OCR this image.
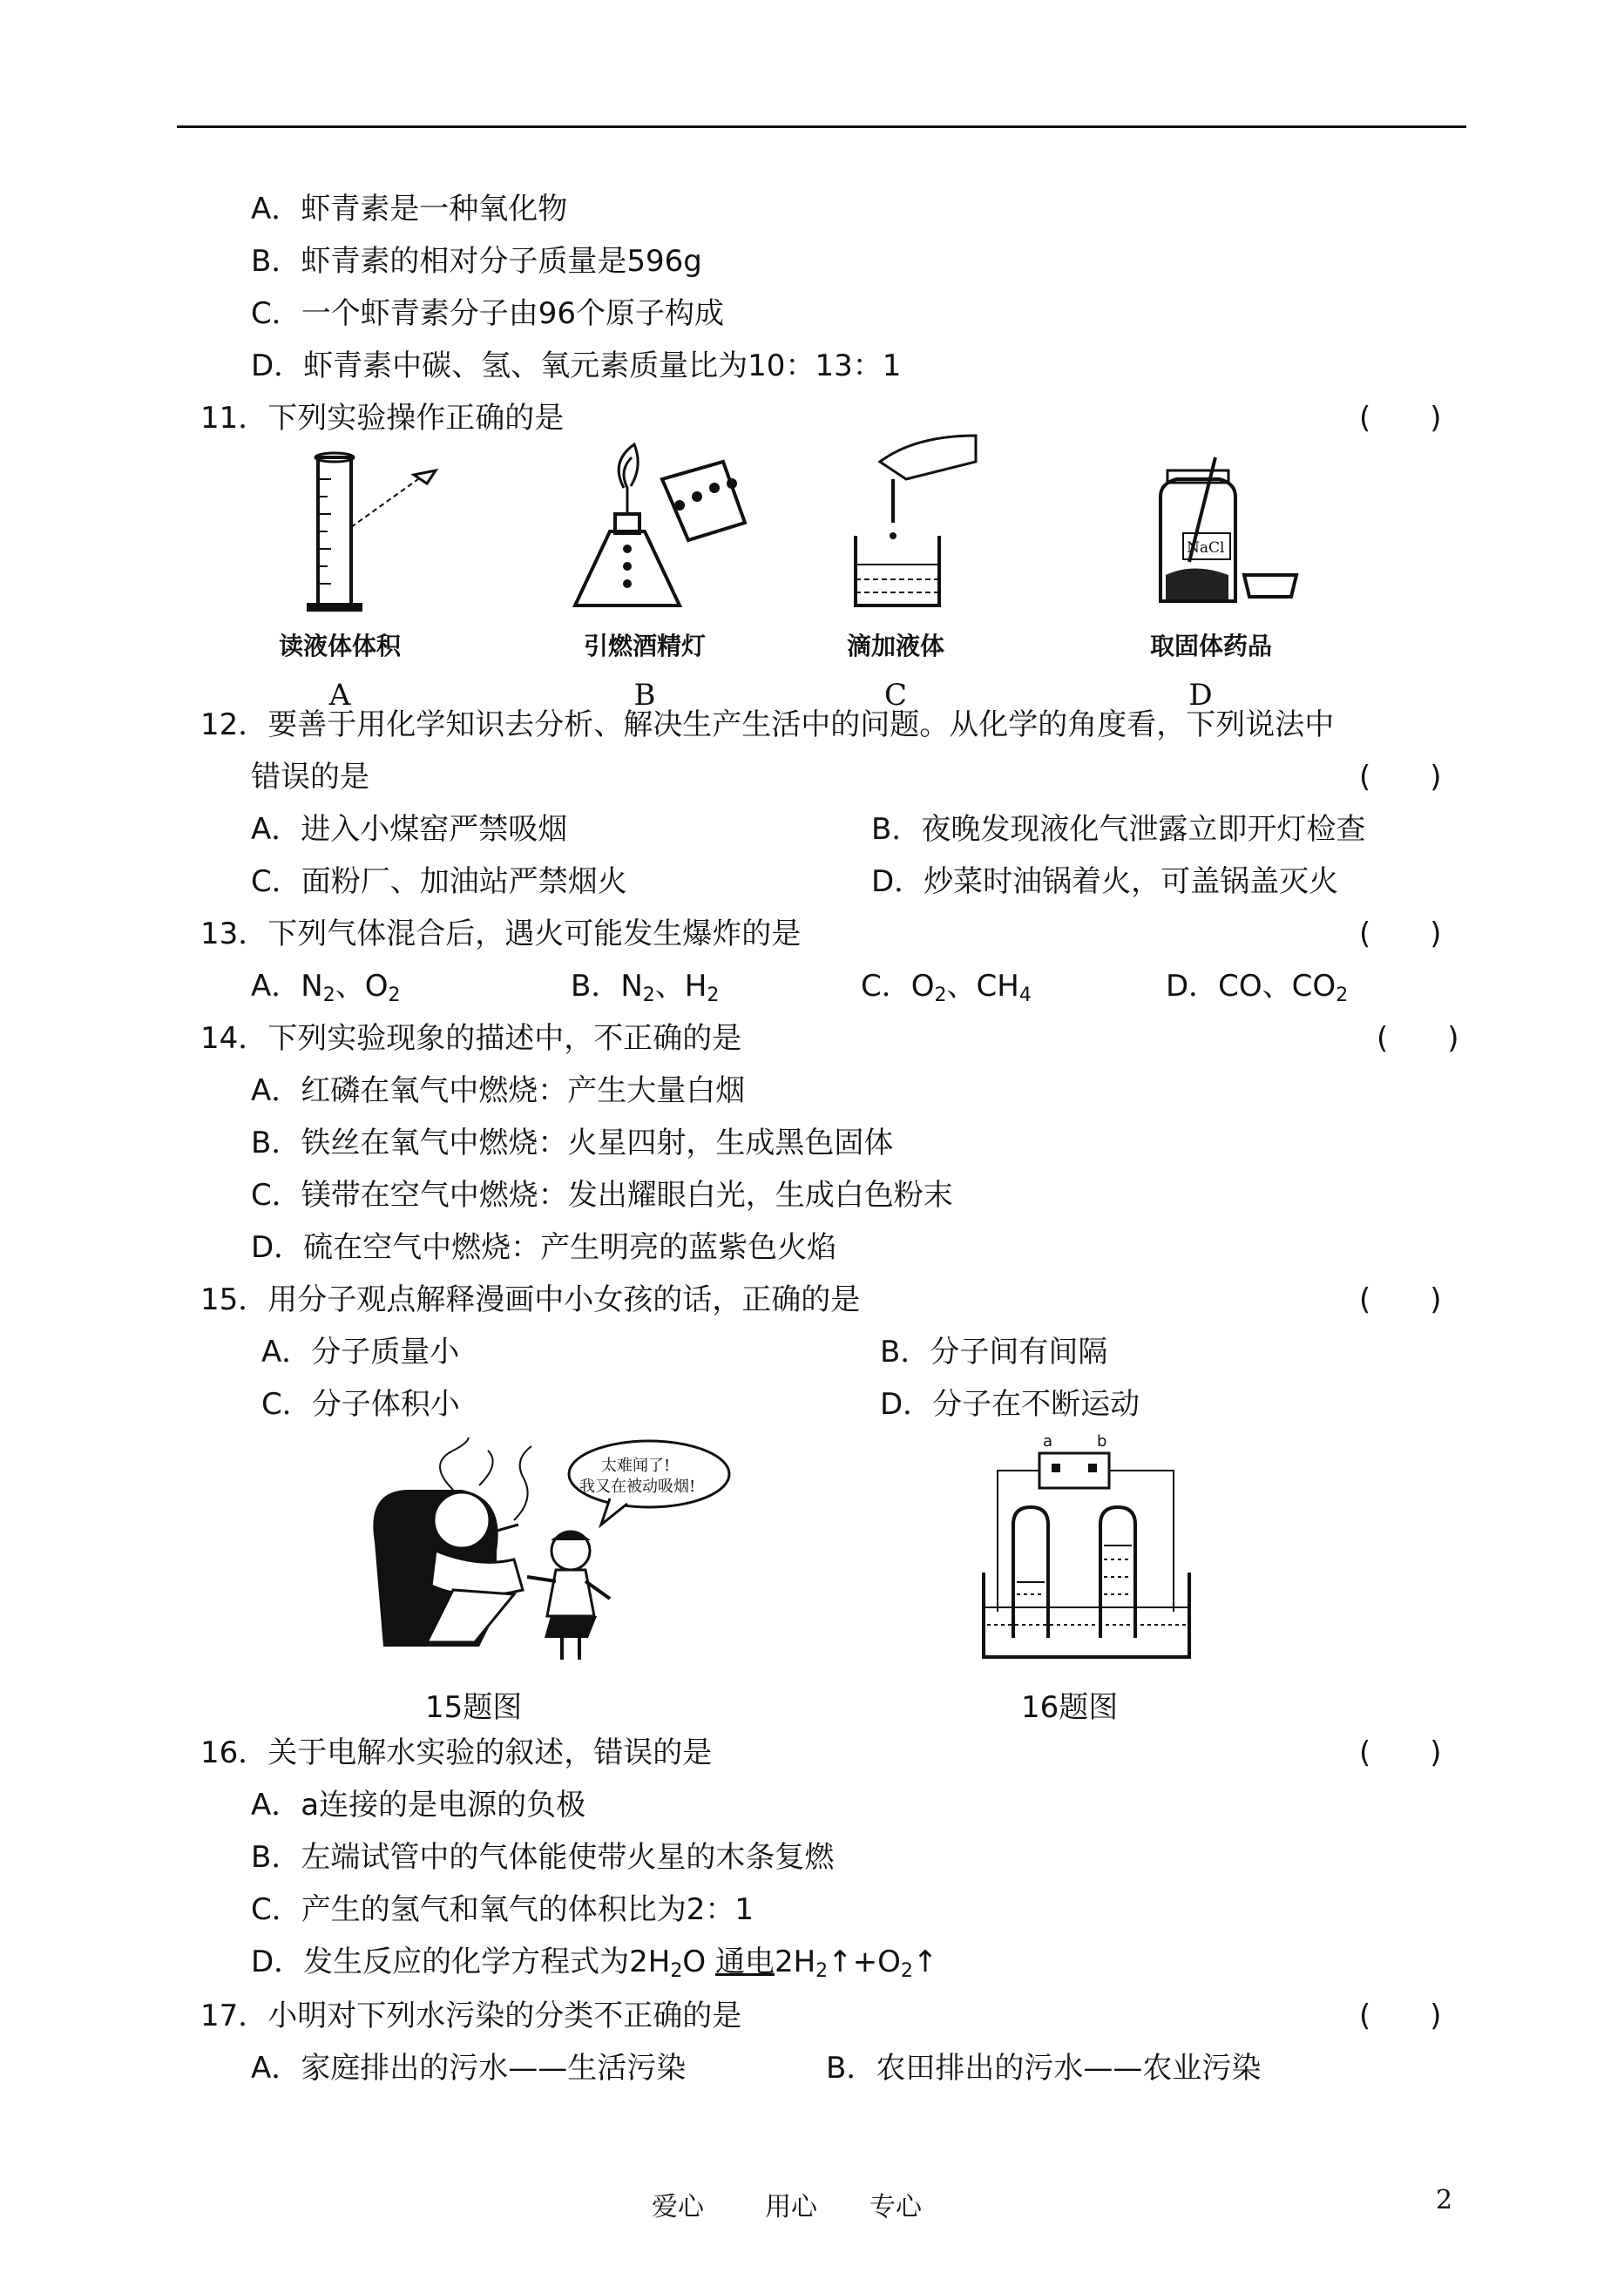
A．虾青素是一种氧化物
B．虾青素的相对分子质量是596g
C．一个虾青素分子由96个原子构成
D．虾青素中碳、氢、氧元素质量比为10：13：1
11．下列实验操作正确的是	(　　)
NaCl
读液体体积	引燃酒精灯	滴加液体	取固体药品
A	B	C	D
12．要善于用化学知识去分析、解决生产生活中的问题。从化学的角度看，下列说法中
错误的是	(　　)
A．进入小煤窑严禁吸烟	B．夜晚发现液化气泄露立即开灯检查
C．面粉厂、加油站严禁烟火	D．炒菜时油锅着火，可盖锅盖灭火
13．下列气体混合后，遇火可能发生爆炸的是	(　　)
A．$N_2$、$O_2$	B．$N_2$、$H_2$	C．$O_2$、$CH_4$	D．CO、$CO_2$
14．下列实验现象的描述中，不正确的是	(　　)
A．红磷在氧气中燃烧：产生大量白烟
B．铁丝在氧气中燃烧：火星四射，生成黑色固体
C．镁带在空气中燃烧：发出耀眼白光，生成白色粉末
D．硫在空气中燃烧：产生明亮的蓝紫色火焰
15．用分子观点解释漫画中小女孩的话，正确的是	(　　)
A．分子质量小	B．分子间有间隔
C．分子体积小	D．分子在不断运动
太难闻了!
我又在被动吸烟!
a	b
15题图	16题图
16．关于电解水实验的叙述，错误的是	(　　)
A．a连接的是电源的负极
B．左端试管中的气体能使带火星的木条复燃
C．产生的氢气和氧气的体积比为2：1
D．发生反应的化学方程式为$2H_2O$ 通电$2H_2↑+O_2↑$
17．小明对下列水污染的分类不正确的是	(　　)
A．家庭排出的污水——生活污染	B．农田排出的污水——农业污染
爱心 用心 专心	2
